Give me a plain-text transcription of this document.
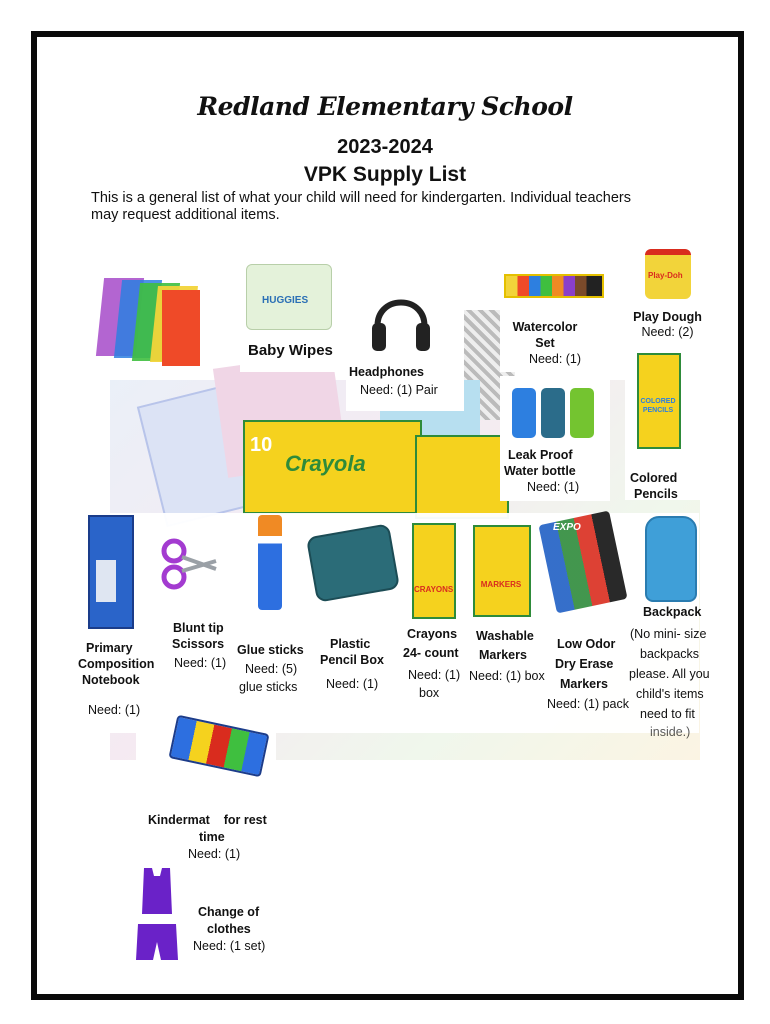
Redland Elementary School
2023-2024
VPK Supply List
This is a general list of what your child will need for kindergarten. Individual teachers may request additional items.
10
Crayola
HUGGIES
Baby Wipes
Headphones
Need: (1) Pair
Watercolor
Set
Need: (1)
Play-Doh
Play Dough
Need: (2)
Leak Proof
Water bottle
Need: (1)
COLORED PENCILS
Colored
Pencils
Primary
Composition
Notebook
Need: (1)
Blunt tip
Scissors
Need: (1)
Glue sticks
Need: (5)
glue sticks
Plastic
Pencil Box
Need: (1)
CRAYONS
Crayons
24- count
Need: (1)
box
MARKERS
Washable
Markers
Need: (1) box
EXPO
Low Odor
Dry Erase
Markers
Need: (1) pack
Backpack
(No mini- size
backpacks
please. All you
child's items
need to fit
inside.)
Kindermat    for rest
time
Need: (1)
Change of
clothes
Need: (1 set)
